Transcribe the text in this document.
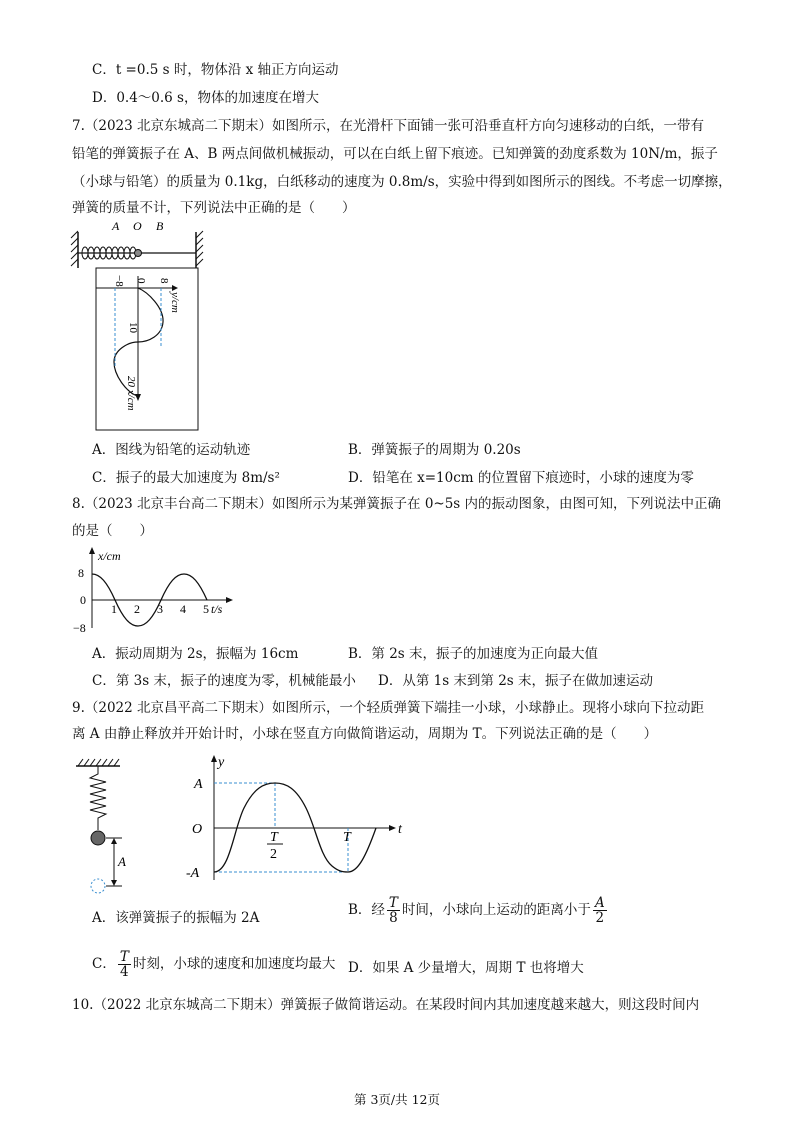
C．t =0.5 s 时，物体沿 x 轴正方向运动
D．0.4～0.6 s，物体的加速度在增大
7.（2023 北京东城高二下期末）如图所示，在光滑杆下面铺一张可沿垂直杆方向匀速移动的白纸，一带有
铅笔的弹簧振子在 A、B 两点间做机械振动，可以在白纸上留下痕迹。已知弹簧的劲度系数为 10N/m，振子
（小球与铅笔）的质量为 0.1kg，白纸移动的速度为 0.8m/s，实验中得到如图所示的图线。不考虑一切摩擦，
弹簧的质量不计，下列说法中正确的是（　　）
A O B
−8 0 8
y/cm
10
20 x/cm
A．图线为铅笔的运动轨迹	B．弹簧振子的周期为 0.20s
C．振子的最大加速度为 8m/s²	D．铅笔在 x=10cm 的位置留下痕迹时，小球的速度为零
8.（2023 北京丰台高二下期末）如图所示为某弹簧振子在 0~5s 内的振动图象，由图可知，下列说法中正确
的是（　　）
x/cm
8
0
−8
1 2 3 4 5 t/s
A．振动周期为 2s，振幅为 16cm	B．第 2s 末，振子的加速度为正向最大值
C．第 3s 末，振子的速度为零，机械能最小 D．从第 1s 末到第 2s 末，振子在做加速运动
9.（2022 北京昌平高二下期末）如图所示，一个轻质弹簧下端挂一小球，小球静止。现将小球向下拉动距
离 A 由静止释放并开始计时，小球在竖直方向做简谐运动，周期为 T。下列说法正确的是（　　）
A
y
A
O
-A
t
T
2
T
A．该弹簧振子的振幅为 2A	B．经 $\frac{T}{8}$ 时间，小球向上运动的距离小于 $\frac{A}{2}$
C． $\frac{T}{4}$ 时刻，小球的速度和加速度均最大 D．如果 A 少量增大，周期 T 也将增大
10.（2022 北京东城高二下期末）弹簧振子做简谐运动。在某段时间内其加速度越来越大，则这段时间内
第 3页/共 12页
